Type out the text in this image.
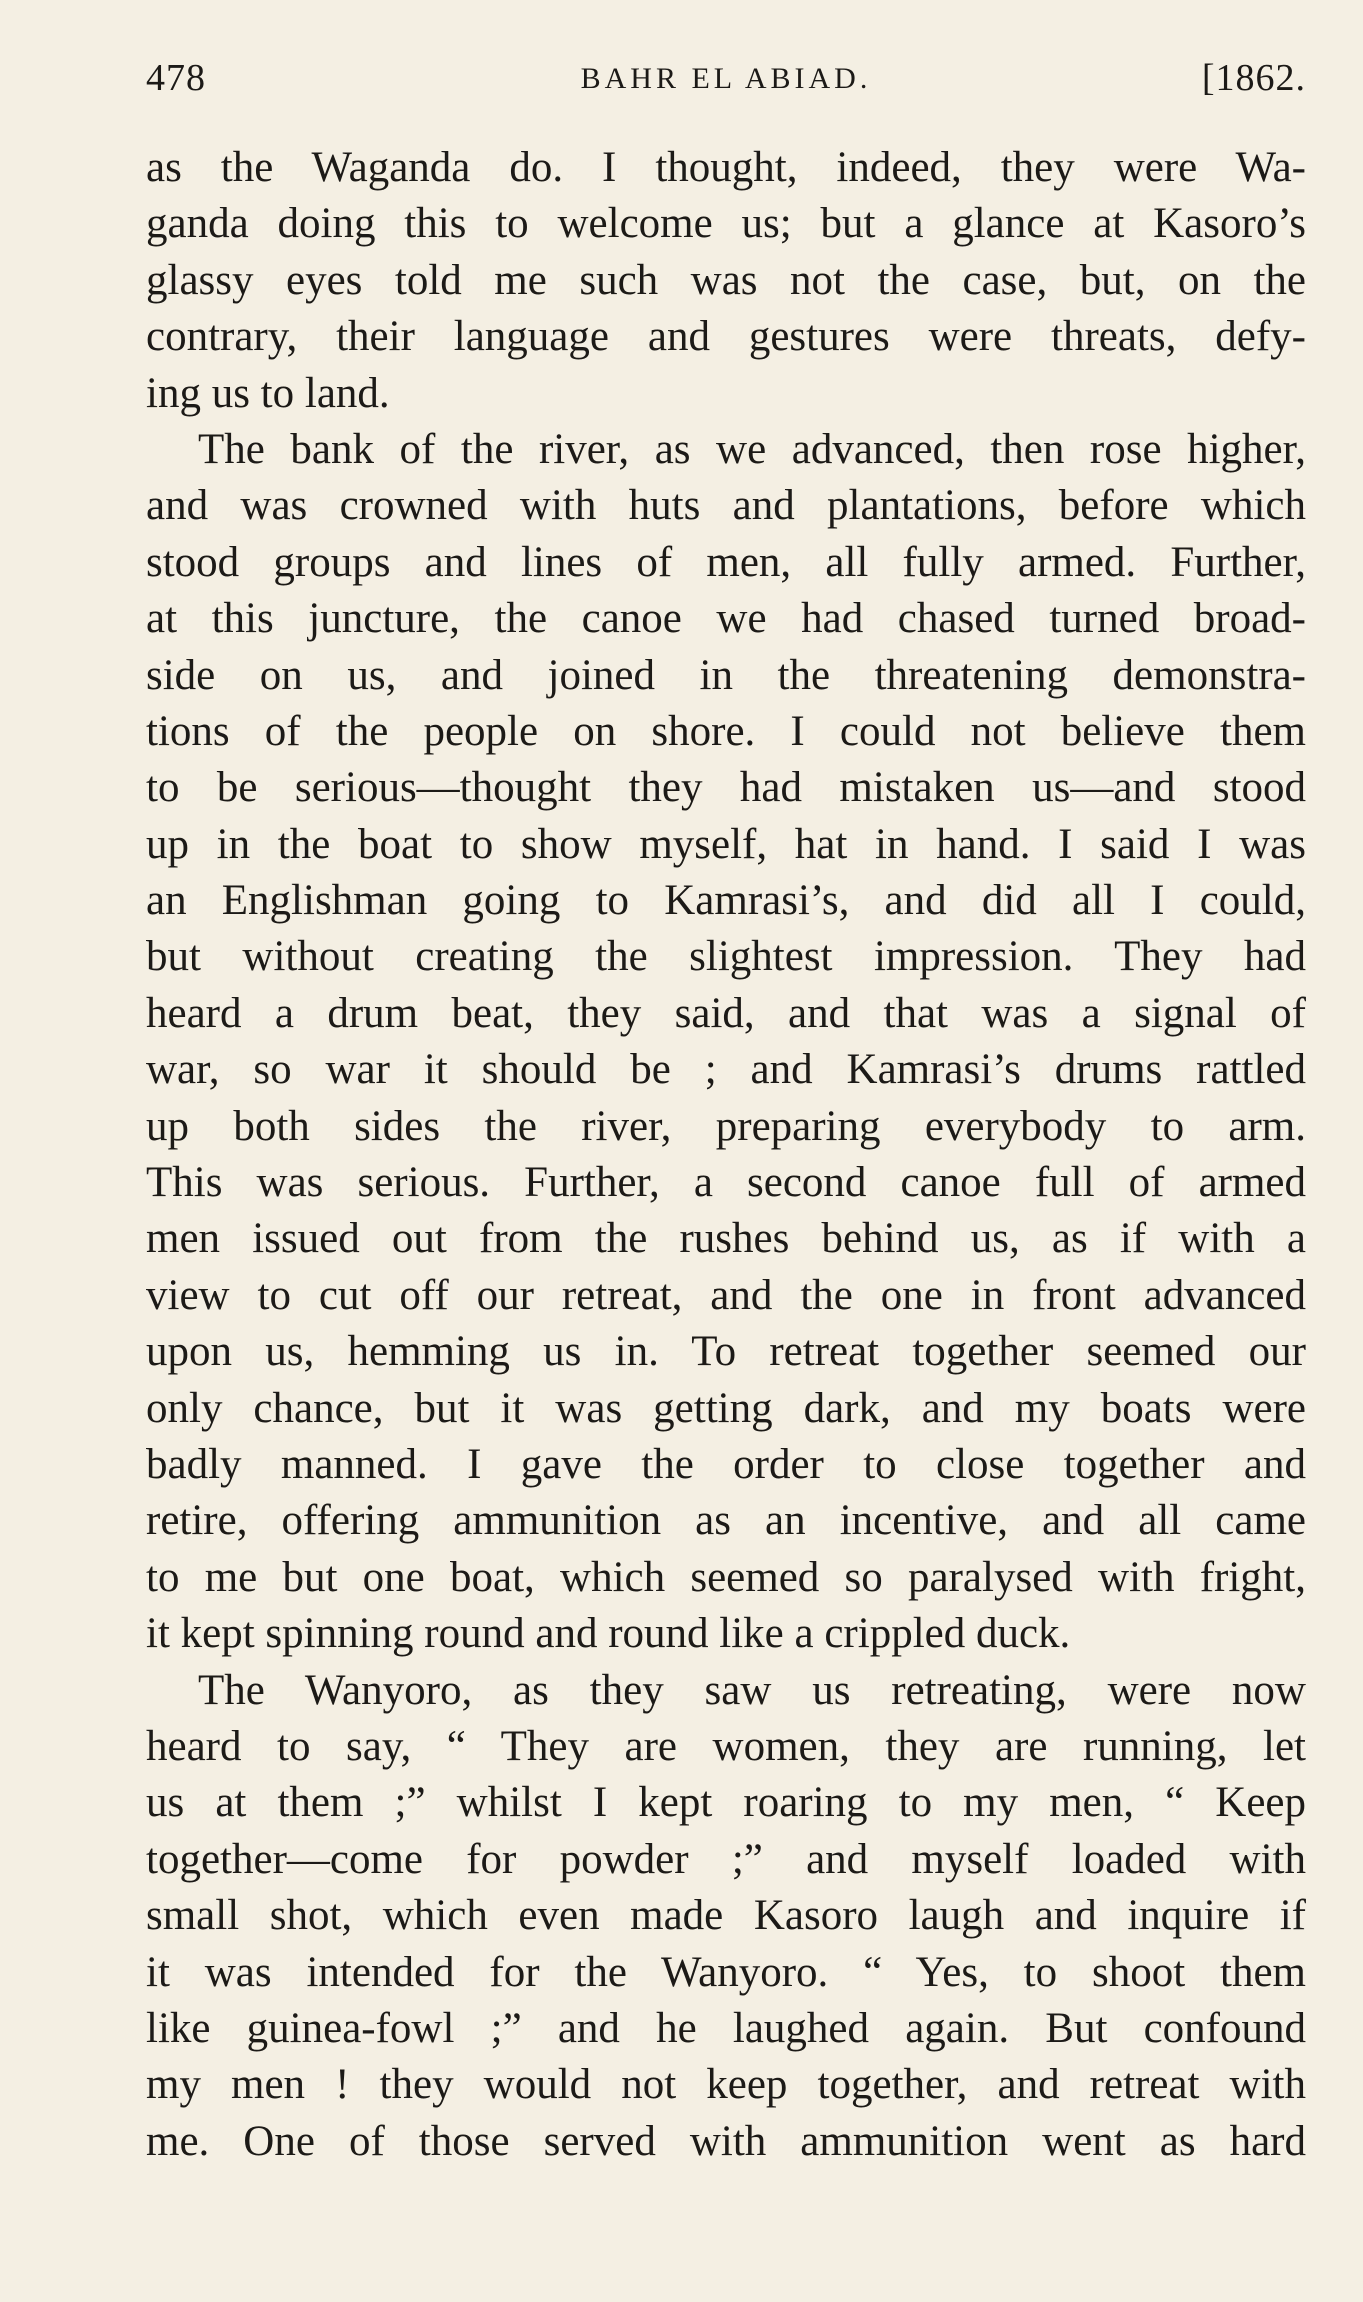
478	BAHR EL ABIAD.	[1862.
as the Waganda do. I thought, indeed, they were Wa-
ganda doing this to welcome us; but a glance at Kasoro’s
glassy eyes told me such was not the case, but, on the
contrary, their language and gestures were threats, defy-
ing us to land.
The bank of the river, as we advanced, then rose higher,
and was crowned with huts and plantations, before which
stood groups and lines of men, all fully armed. Further,
at this juncture, the canoe we had chased turned broad-
side on us, and joined in the threatening demonstra-
tions of the people on shore. I could not believe them
to be serious—thought they had mistaken us—and stood
up in the boat to show myself, hat in hand. I said I was
an Englishman going to Kamrasi’s, and did all I could,
but without creating the slightest impression. They had
heard a drum beat, they said, and that was a signal of
war, so war it should be ; and Kamrasi’s drums rattled
up both sides the river, preparing everybody to arm.
This was serious. Further, a second canoe full of armed
men issued out from the rushes behind us, as if with a
view to cut off our retreat, and the one in front advanced
upon us, hemming us in. To retreat together seemed our
only chance, but it was getting dark, and my boats were
badly manned. I gave the order to close together and
retire, offering ammunition as an incentive, and all came
to me but one boat, which seemed so paralysed with fright,
it kept spinning round and round like a crippled duck.
The Wanyoro, as they saw us retreating, were now
heard to say, “ They are women, they are running, let
us at them ;” whilst I kept roaring to my men, “ Keep
together—come for powder ;” and myself loaded with
small shot, which even made Kasoro laugh and inquire if
it was intended for the Wanyoro. “ Yes, to shoot them
like guinea-fowl ;” and he laughed again. But confound
my men ! they would not keep together, and retreat with
me. One of those served with ammunition went as hard
